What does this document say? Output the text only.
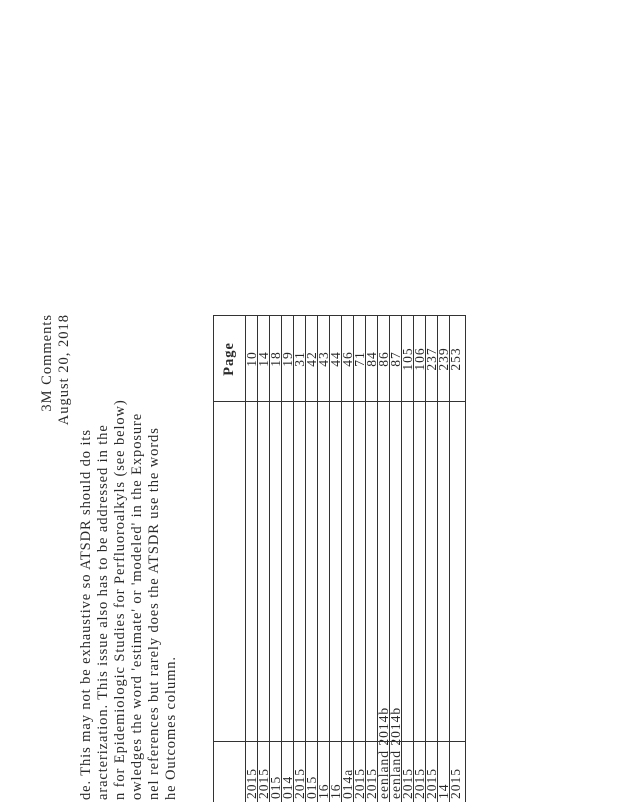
3M Comments August 20, 2018
de. This may not be exhaustive so ATSDR should do its aracterization. This issue also has to be addressed in the n for Epidemiologic Studies for Perfluoroalkyls (see below) owledges the word 'estimate' or 'modeled' in the Exposure nel references but rarely does the ATSDR use the words he Outcomes column.
Page
2015
10
2015
14
015
18
014
19
2015
31
015
42
16
43
16
44
014a
46
2015
71
2015
84
eenland 2014b
86
eenland 2014b
87
2015
105
2015
106
2015
237
14
239
2015
253
